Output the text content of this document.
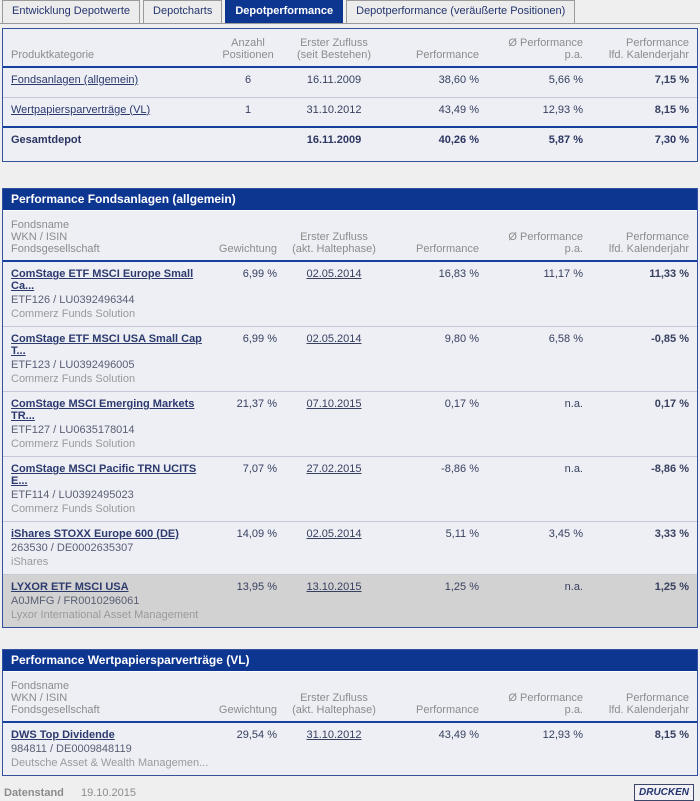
Entwicklung Depotwerte	Depotcharts	Depotperformance	Depotperformance (veräußerte Positionen)
Produktkategorie	Anzahl
Positionen	Erster Zufluss
(seit Bestehen)	Performance	Ø Performance
p.a.	Performance
lfd. Kalenderjahr
Fondsanlagen (allgemein)	6	16.11.2009	38,60 %	5,66 %	7,15 %
Wertpapiersparverträge (VL)	1	31.10.2012	43,49 %	12,93 %	8,15 %
Gesamtdepot		16.11.2009	40,26 %	5,87 %	7,30 %
Performance Fondsanlagen (allgemein)
Fondsname
WKN / ISIN
Fondsgesellschaft	Gewichtung	Erster Zufluss
(akt. Haltephase)	Performance	Ø Performance
p.a.	Performance
lfd. Kalenderjahr
ComStage ETF MSCI Europe Small Ca...
ETF126 / LU0392496344
Commerz Funds Solution
	6,99 %	02.05.2014	16,83 %	11,17 %	11,33 %
ComStage ETF MSCI USA Small Cap T...
ETF123 / LU0392496005
Commerz Funds Solution
	6,99 %	02.05.2014	9,80 %	6,58 %	-0,85 %
ComStage MSCI Emerging Markets TR...
ETF127 / LU0635178014
Commerz Funds Solution
	21,37 %	07.10.2015	0,17 %	n.a.	0,17 %
ComStage MSCI Pacific TRN UCITS E...
ETF114 / LU0392495023
Commerz Funds Solution
	7,07 %	27.02.2015	-8,86 %	n.a.	-8,86 %
iShares STOXX Europe 600 (DE)
263530 / DE0002635307
iShares
	14,09 %	02.05.2014	5,11 %	3,45 %	3,33 %
LYXOR ETF MSCI USA
A0JMFG / FR0010296061
Lyxor International Asset Management
	13,95 %	13.10.2015	1,25 %	n.a.	1,25 %
Performance Wertpapiersparverträge (VL)
Fondsname
WKN / ISIN
Fondsgesellschaft	Gewichtung	Erster Zufluss
(akt. Haltephase)	Performance	Ø Performance
p.a.	Performance
lfd. Kalenderjahr
DWS Top Dividende
984811 / DE0009848119
Deutsche Asset & Wealth Managemen...
	29,54 %	31.10.2012	43,49 %	12,93 %	8,15 %
Datenstand 19.10.2015	DRUCKEN
